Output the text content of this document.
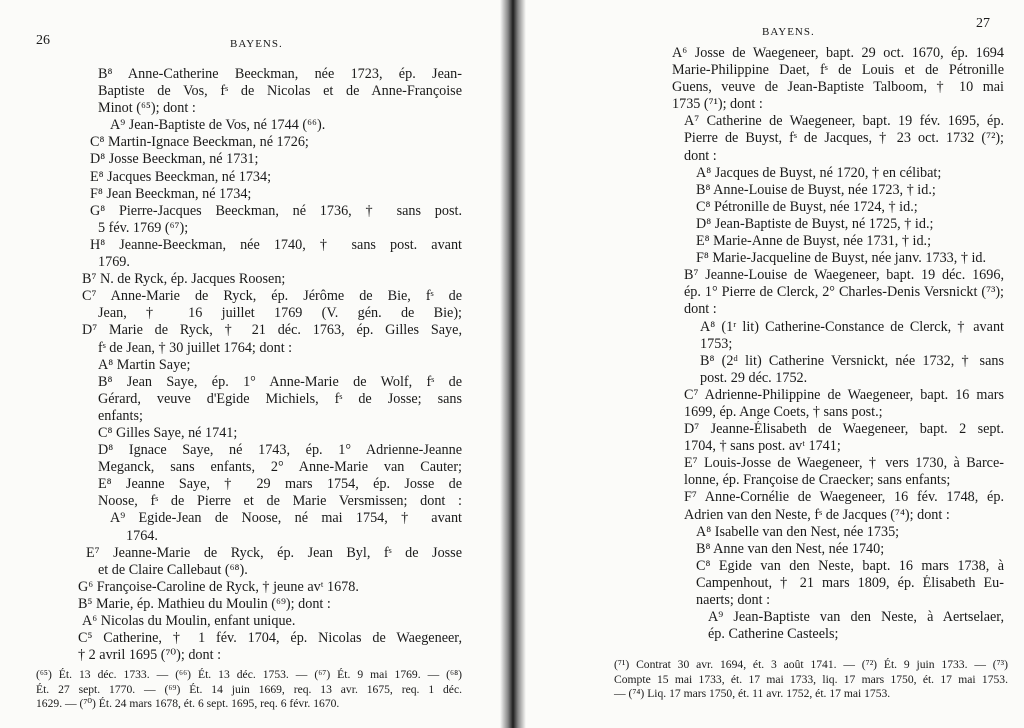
26	BAYENS.
B⁸ Anne-Catherine Beeckman, née 1723, ép. Jean-
Baptiste de Vos, fˢ de Nicolas et de Anne-Françoise
Minot (⁶⁵); dont :
A⁹ Jean-Baptiste de Vos, né 1744 (⁶⁶).
C⁸ Martin-Ignace Beeckman, né 1726;
D⁸ Josse Beeckman, né 1731;
E⁸ Jacques Beeckman, né 1734;
F⁸ Jean Beeckman, né 1734;
G⁸ Pierre-Jacques Beeckman, né 1736, † sans post.
5 fév. 1769 (⁶⁷);
H⁸ Jeanne-Beeckman, née 1740, † sans post. avant
1769.
B⁷ N. de Ryck, ép. Jacques Roosen;
C⁷ Anne-Marie de Ryck, ép. Jérôme de Bie, fˢ de
Jean, † 16 juillet 1769 (V. gén. de Bie);
D⁷ Marie de Ryck, † 21 déc. 1763, ép. Gilles Saye,
fˢ de Jean, † 30 juillet 1764; dont :
A⁸ Martin Saye;
B⁸ Jean Saye, ép. 1° Anne-Marie de Wolf, fˢ de
Gérard, veuve d'Egide Michiels, fˢ de Josse; sans
enfants;
C⁸ Gilles Saye, né 1741;
D⁸ Ignace Saye, né 1743, ép. 1° Adrienne-Jeanne
Meganck, sans enfants, 2° Anne-Marie van Cauter;
E⁸ Jeanne Saye, † 29 mars 1754, ép. Josse de
Noose, fˢ de Pierre et de Marie Versmissen; dont :
A⁹ Egide-Jean de Noose, né mai 1754, † avant
1764.
E⁷ Jeanne-Marie de Ryck, ép. Jean Byl, fˢ de Josse
et de Claire Callebaut (⁶⁸).
G⁶ Françoise-Caroline de Ryck, † jeune avᵗ 1678.
B⁵ Marie, ép. Mathieu du Moulin (⁶⁹); dont :
A⁶ Nicolas du Moulin, enfant unique.
C⁵ Catherine, † 1 fév. 1704, ép. Nicolas de Waegeneer,
† 2 avril 1695 (⁷⁰); dont :
(⁶⁵) Ét. 13 déc. 1733. — (⁶⁶) Ét. 13 déc. 1753. — (⁶⁷) Ét. 9 mai 1769. — (⁶⁸)
Ét. 27 sept. 1770. — (⁶⁹) Ét. 14 juin 1669, req. 13 avr. 1675, req. 1 déc.
1629. — (⁷⁰) Ét. 24 mars 1678, ét. 6 sept. 1695, req. 6 févr. 1670.
27
BAYENS.
A⁶ Josse de Waegeneer, bapt. 29 oct. 1670, ép. 1694
Marie-Philippine Daet, fˢ de Louis et de Pétronille
Guens, veuve de Jean-Baptiste Talboom, † 10 mai
1735 (⁷¹); dont :
A⁷ Catherine de Waegeneer, bapt. 19 fév. 1695, ép.
Pierre de Buyst, fˢ de Jacques, † 23 oct. 1732 (⁷²);
dont :
A⁸ Jacques de Buyst, né 1720, † en célibat;
B⁸ Anne-Louise de Buyst, née 1723, † id.;
C⁸ Pétronille de Buyst, née 1724, † id.;
D⁸ Jean-Baptiste de Buyst, né 1725, † id.;
E⁸ Marie-Anne de Buyst, née 1731, † id.;
F⁸ Marie-Jacqueline de Buyst, née janv. 1733, † id.
B⁷ Jeanne-Louise de Waegeneer, bapt. 19 déc. 1696,
ép. 1° Pierre de Clerck, 2° Charles-Denis Versnickt (⁷³);
dont :
A⁸ (1ʳ lit) Catherine-Constance de Clerck, † avant
1753;
B⁸ (2ᵈ lit) Catherine Versnickt, née 1732, † sans
post. 29 déc. 1752.
C⁷ Adrienne-Philippine de Waegeneer, bapt. 16 mars
1699, ép. Ange Coets, † sans post.;
D⁷ Jeanne-Élisabeth de Waegeneer, bapt. 2 sept.
1704, † sans post. avᵗ 1741;
E⁷ Louis-Josse de Waegeneer, † vers 1730, à Barce-
lonne, ép. Françoise de Craecker; sans enfants;
F⁷ Anne-Cornélie de Waegeneer, 16 fév. 1748, ép.
Adrien van den Neste, fˢ de Jacques (⁷⁴); dont :
A⁸ Isabelle van den Nest, née 1735;
B⁸ Anne van den Nest, née 1740;
C⁸ Egide van den Neste, bapt. 16 mars 1738, à
Campenhout, † 21 mars 1809, ép. Élisabeth Eu-
naerts; dont :
A⁹ Jean-Baptiste van den Neste, à Aertselaer,
ép. Catherine Casteels;
(⁷¹) Contrat 30 avr. 1694, ét. 3 août 1741. — (⁷²) Ét. 9 juin 1733. — (⁷³)
Compte 15 mai 1733, ét. 17 mai 1733, liq. 17 mars 1750, ét. 17 mai 1753.
— (⁷⁴) Liq. 17 mars 1750, ét. 11 avr. 1752, ét. 17 mai 1753.
